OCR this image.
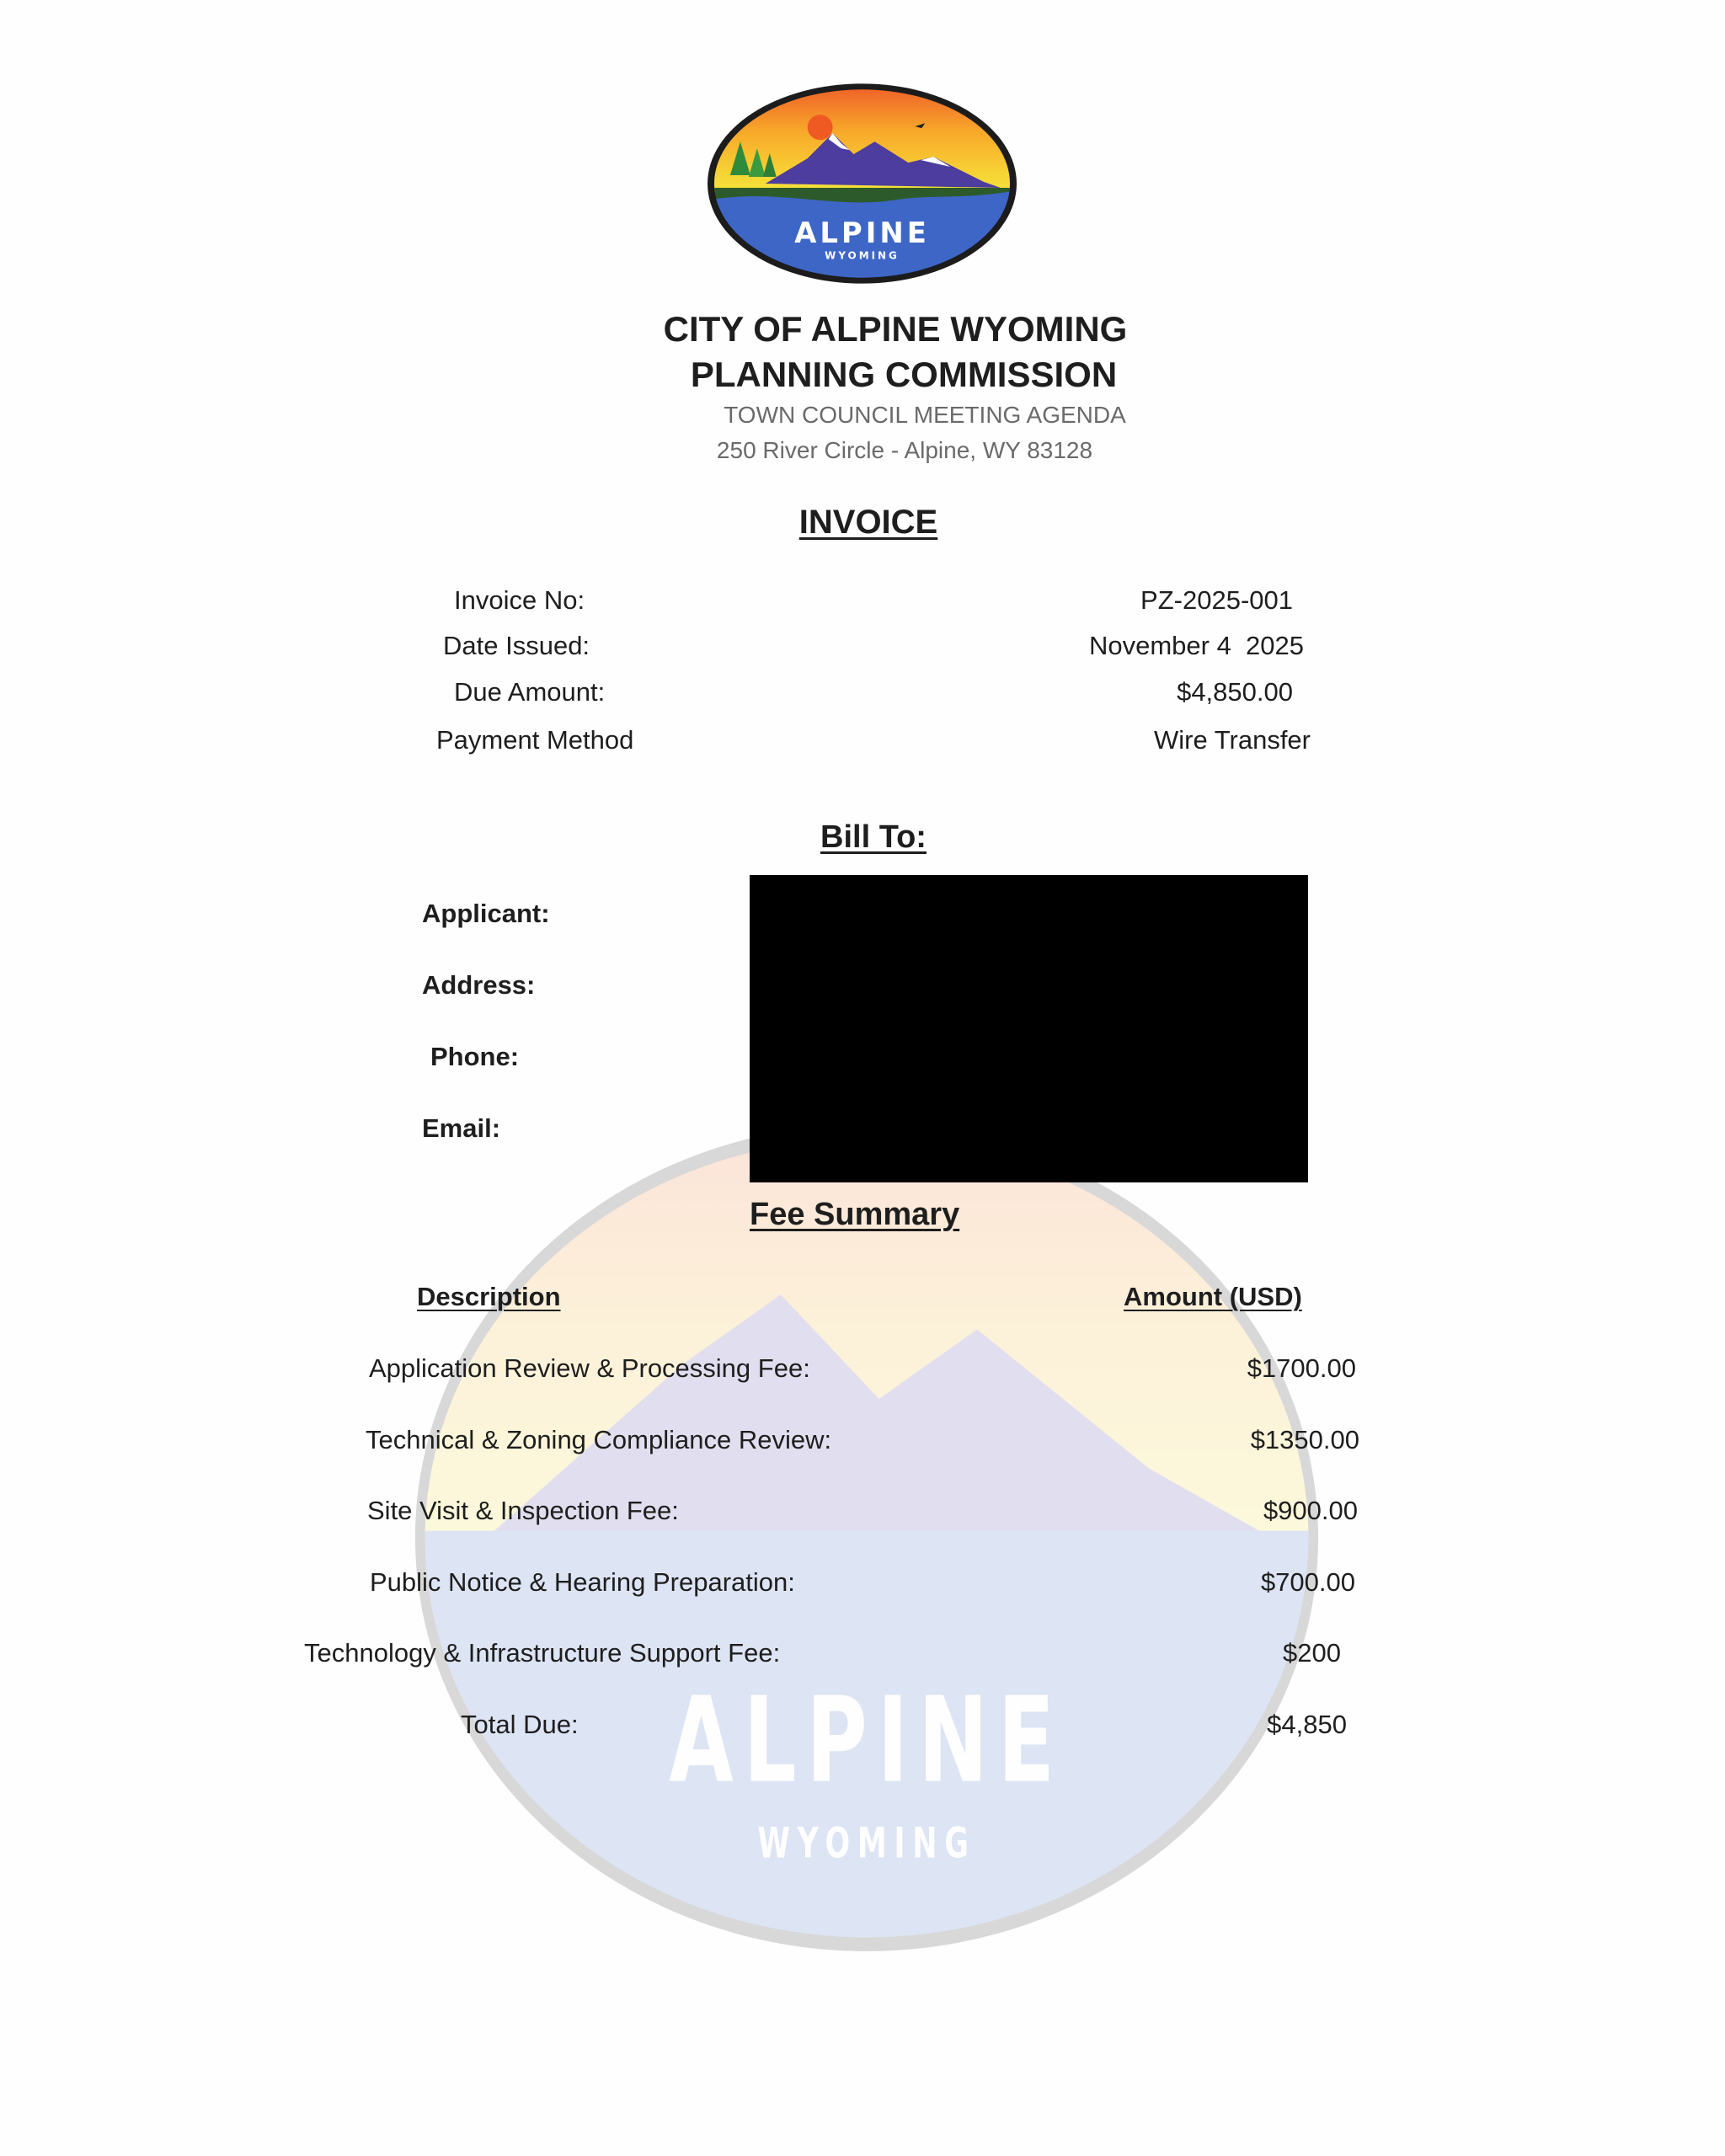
ALPINE
WYOMING
ALPINE
WYOMING
CITY OF ALPINE WYOMING
PLANNING COMMISSION
TOWN COUNCIL MEETING AGENDA
250 River Circle - Alpine, WY 83128
INVOICE
Invoice No:	PZ-2025-001
Date Issued:	November 4  2025
Due Amount:	$4,850.00
Payment Method	Wire Transfer
Bill To:
Applicant:
Address:
Phone:
Email:
Fee Summary
Description	Amount (USD)
Application Review & Processing Fee:	$1700.00
Technical & Zoning Compliance Review:	$1350.00
Site Visit & Inspection Fee:	$900.00
Public Notice & Hearing Preparation:	$700.00
Technology & Infrastructure Support Fee:	$200
Total Due:	$4,850
